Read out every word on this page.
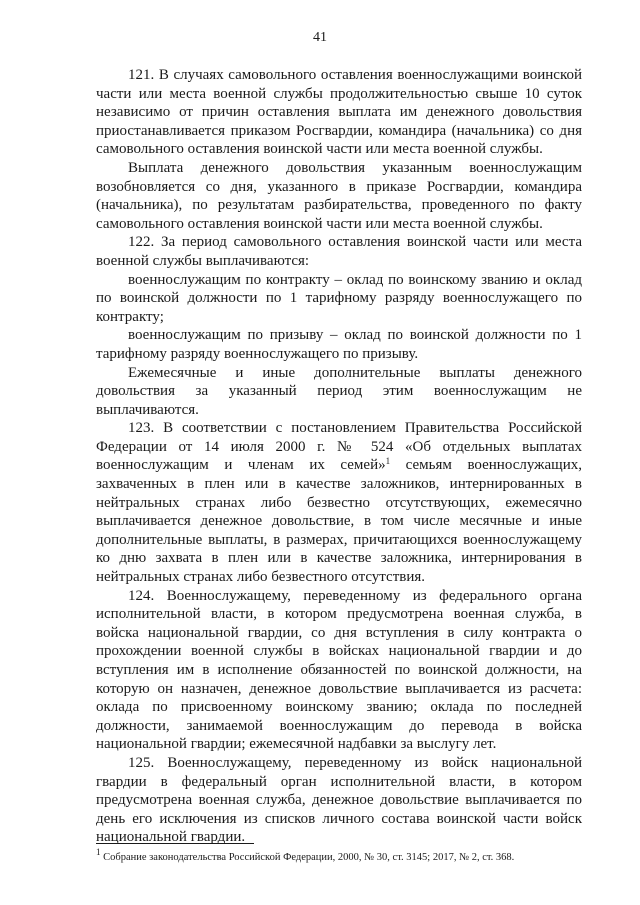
41

121. В случаях самовольного оставления военнослужащими воинской части или места военной службы продолжительностью свыше 10 суток независимо от причин оставления выплата им денежного довольствия приостанавливается приказом Росгвардии, командира (начальника) со дня самовольного оставления воинской части или места военной службы.

Выплата денежного довольствия указанным военнослужащим возобновляется со дня, указанного в приказе Росгвардии, командира (начальника), по результатам разбирательства, проведенного по факту самовольного оставления воинской части или места военной службы.

122. За период самовольного оставления воинской части или места военной службы выплачиваются:

военнослужащим по контракту – оклад по воинскому званию и оклад по воинской должности по 1 тарифному разряду военнослужащего по контракту;

военнослужащим по призыву – оклад по воинской должности по 1 тарифному разряду военнослужащего по призыву.

Ежемесячные и иные дополнительные выплаты денежного довольствия за указанный период этим военнослужащим не выплачиваются.

123. В соответствии с постановлением Правительства Российской Федерации от 14 июля 2000 г. № 524 «Об отдельных выплатах военнослужащим и членам их семей»$^1$ семьям военнослужащих, захваченных в плен или в качестве заложников, интернированных в нейтральных странах либо безвестно отсутствующих, ежемесячно выплачивается денежное довольствие, в том числе месячные и иные дополнительные выплаты, в размерах, причитающихся военнослужащему ко дню захвата в плен или в качестве заложника, интернирования в нейтральных странах либо безвестного отсутствия.

124. Военнослужащему, переведенному из федерального органа исполнительной власти, в котором предусмотрена военная служба, в войска национальной гвардии, со дня вступления в силу контракта о прохождении военной службы в войсках национальной гвардии и до вступления им в исполнение обязанностей по воинской должности, на которую он назначен, денежное довольствие выплачивается из расчета: оклада по присвоенному воинскому званию; оклада по последней должности, занимаемой военнослужащим до перевода в войска национальной гвардии; ежемесячной надбавки за выслугу лет.

125. Военнослужащему, переведенному из войск национальной гвардии в федеральный орган исполнительной власти, в котором предусмотрена военная служба, денежное довольствие выплачивается по день его исключения из списков личного состава воинской части войск национальной гвардии.

$^1$ Собрание законодательства Российской Федерации, 2000, № 30, ст. 3145; 2017, № 2, ст. 368.
